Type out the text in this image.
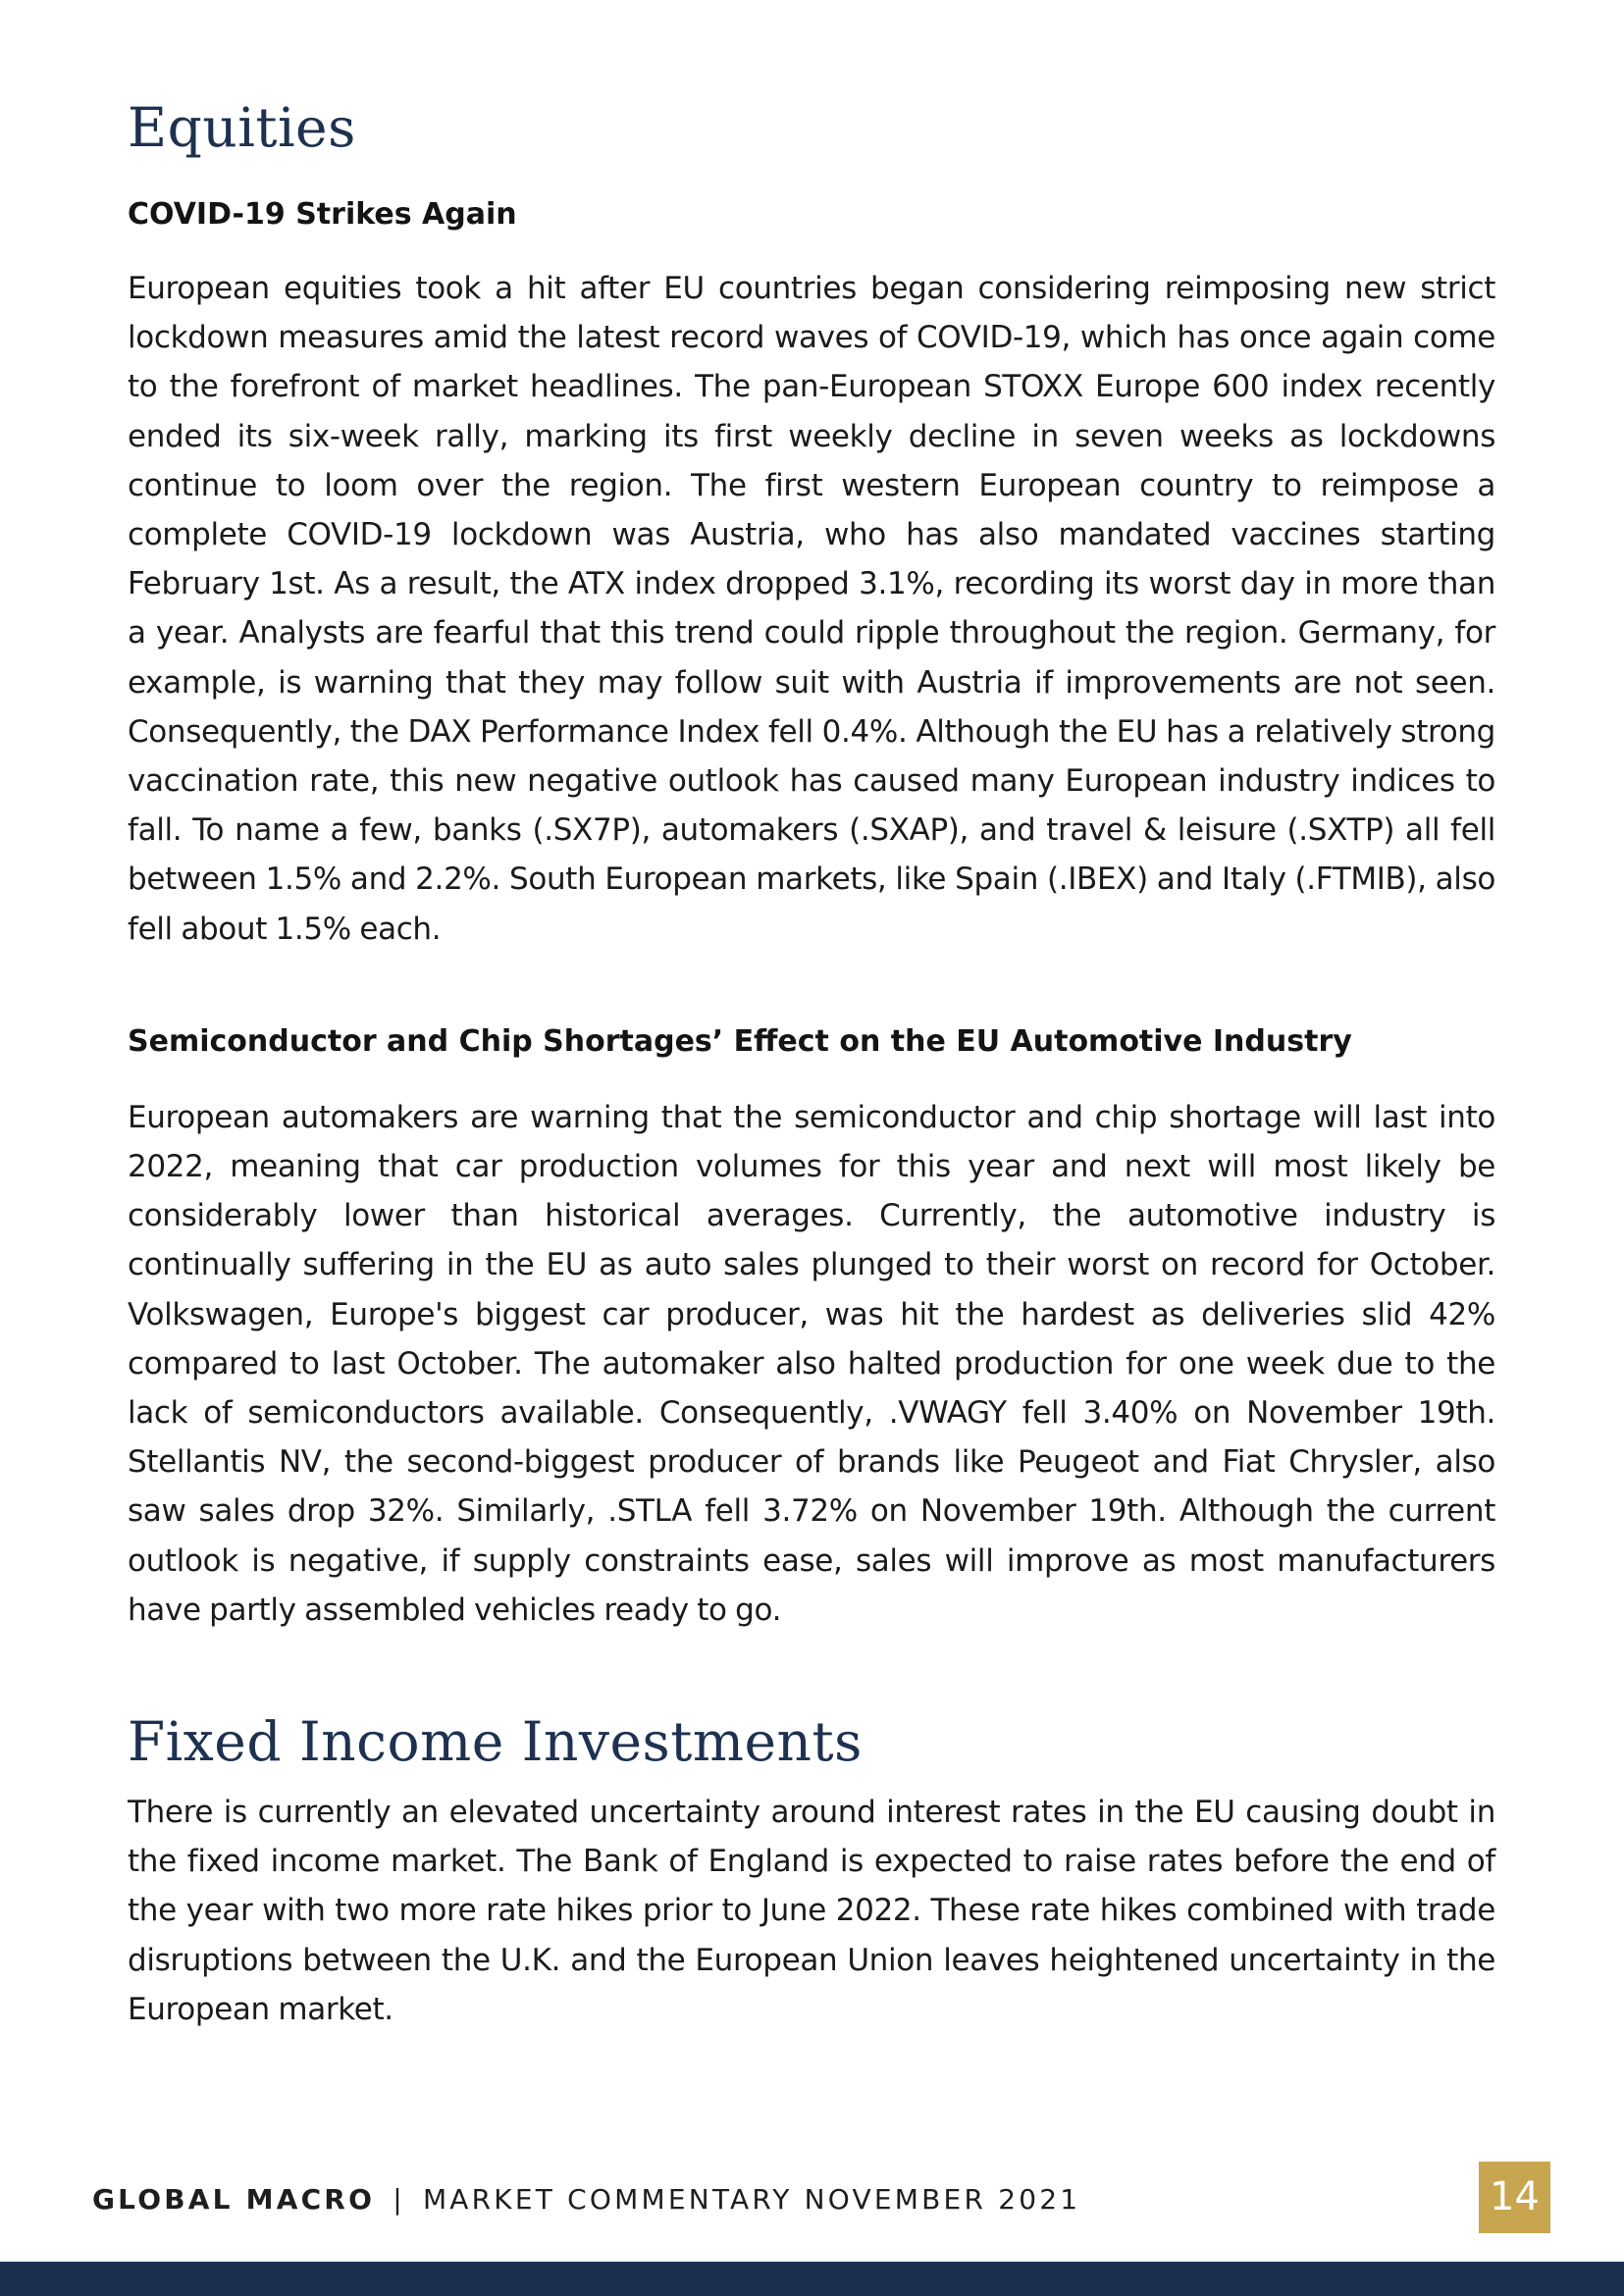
Equities
COVID-19 Strikes Again

European equities took a hit after EU countries began considering reimposing new strict lockdown measures amid the latest record waves of COVID-19, which has once again come to the forefront of market headlines. The pan-European STOXX Europe 600 index recently ended its six-week rally, marking its first weekly decline in seven weeks as lockdowns continue to loom over the region. The first western European country to reimpose a complete COVID-19 lockdown was Austria, who has also mandated vaccines starting February 1st. As a result, the ATX index dropped 3.1%, recording its worst day in more than a year. Analysts are fearful that this trend could ripple throughout the region. Germany, for example, is warning that they may follow suit with Austria if improvements are not seen. Consequently, the DAX Performance Index fell 0.4%. Although the EU has a relatively strong vaccination rate, this new negative outlook has caused many European industry indices to fall. To name a few, banks (.SX7P), automakers (.SXAP), and travel & leisure (.SXTP) all fell between 1.5% and 2.2%. South European markets, like Spain (.IBEX) and Italy (.FTMIB), also fell about 1.5% each.

Semiconductor and Chip Shortages’ Effect on the EU Automotive Industry

European automakers are warning that the semiconductor and chip shortage will last into 2022, meaning that car production volumes for this year and next will most likely be considerably lower than historical averages. Currently, the automotive industry is continually suffering in the EU as auto sales plunged to their worst on record for October. Volkswagen, Europe's biggest car producer, was hit the hardest as deliveries slid 42% compared to last October. The automaker also halted production for one week due to the lack of semiconductors available. Consequently, .VWAGY fell 3.40% on November 19th. Stellantis NV, the second-biggest producer of brands like Peugeot and Fiat Chrysler, also saw sales drop 32%. Similarly, .STLA fell 3.72% on November 19th. Although the current outlook is negative, if supply constraints ease, sales will improve as most manufacturers have partly assembled vehicles ready to go.

Fixed Income Investments

There is currently an elevated uncertainty around interest rates in the EU causing doubt in the fixed income market. The Bank of England is expected to raise rates before the end of the year with two more rate hikes prior to June 2022. These rate hikes combined with trade disruptions between the U.K. and the European Union leaves heightened uncertainty in the European market.

GLOBAL MACRO | MARKET COMMENTARY NOVEMBER 2021	14
